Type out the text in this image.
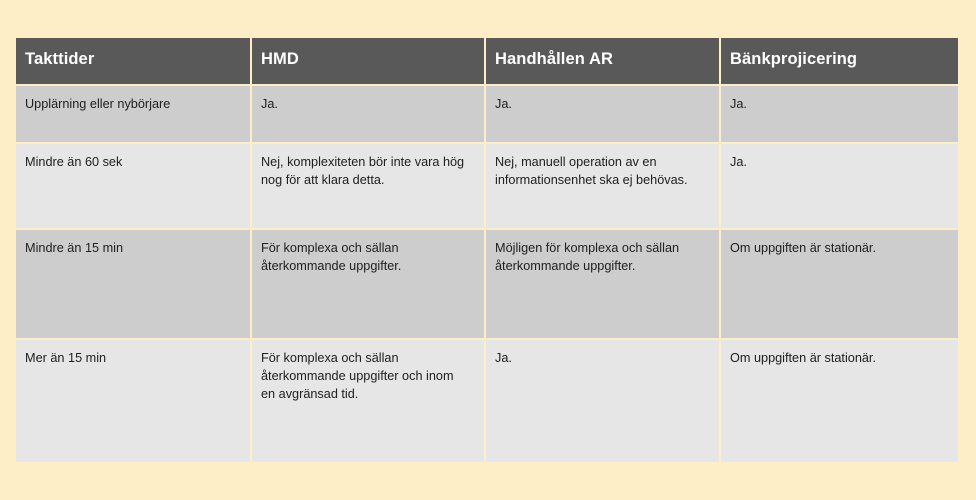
Takttider	HMD	Handhållen AR	Bänkprojicering
Upplärning eller nybörjare	Ja.	Ja.	Ja.
Mindre än 60 sek	Nej, komplexiteten bör inte vara hög nog för att klara detta.	Nej, manuell operation av en informationsenhet ska ej behövas.	Ja.
Mindre än 15 min	För komplexa och sällan återkommande uppgifter.	Möjligen för komplexa och sällan återkommande uppgifter.	Om uppgiften är stationär.
Mer än 15 min	För komplexa och sällan återkommande uppgifter och inom en avgränsad tid.	Ja.	Om uppgiften är stationär.
